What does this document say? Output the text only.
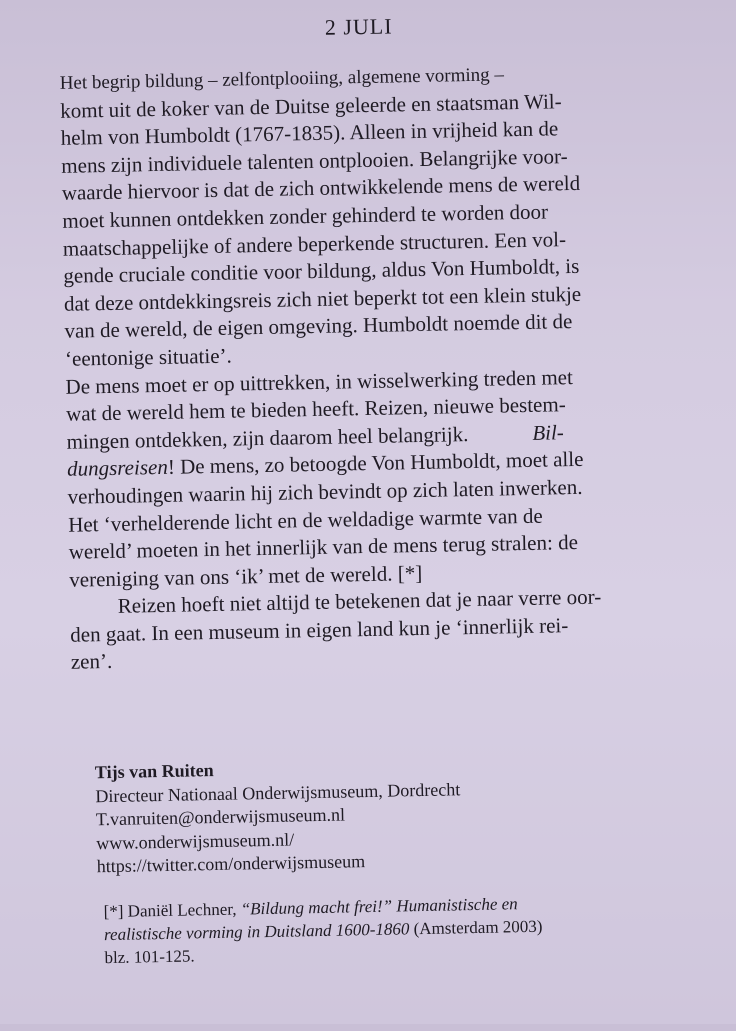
2 JULI
Het begrip bildung – zelfontplooiing, algemene vorming –
komt uit de koker van de Duitse geleerde en staatsman Wil-
helm von Humboldt (1767-1835). Alleen in vrijheid kan de
mens zijn individuele talenten ontplooien. Belangrijke voor-
waarde hiervoor is dat de zich ontwikkelende mens de wereld
moet kunnen ontdekken zonder gehinderd te worden door
maatschappelijke of andere beperkende structuren. Een vol-
gende cruciale conditie voor bildung, aldus Von Humboldt, is
dat deze ontdekkingsreis zich niet beperkt tot een klein stukje
van de wereld, de eigen omgeving. Humboldt noemde dit de
‘eentonige situatie’.
De mens moet er op uittrekken, in wisselwerking treden met
wat de wereld hem te bieden heeft. Reizen, nieuwe bestem-
mingen ontdekken, zijn daarom heel belangrijk.	Bil-
dungsreisen! De mens, zo betoogde Von Humboldt, moet alle
verhoudingen waarin hij zich bevindt op zich laten inwerken.
Het ‘verhelderende licht en de weldadige warmte van de
wereld’ moeten in het innerlijk van de mens terug stralen: de
vereniging van ons ‘ik’ met de wereld. [*]
Reizen hoeft niet altijd te betekenen dat je naar verre oor-
den gaat. In een museum in eigen land kun je ‘innerlijk rei-
zen’.
Tijs van Ruiten
Directeur Nationaal Onderwijsmuseum, Dordrecht
T.vanruiten@onderwijsmuseum.nl
www.onderwijsmuseum.nl/
https://twitter.com/onderwijsmuseum
[*] Daniël Lechner, “Bildung macht frei!” Humanistische en
realistische vorming in Duitsland 1600-1860 (Amsterdam 2003)
blz. 101-125.
